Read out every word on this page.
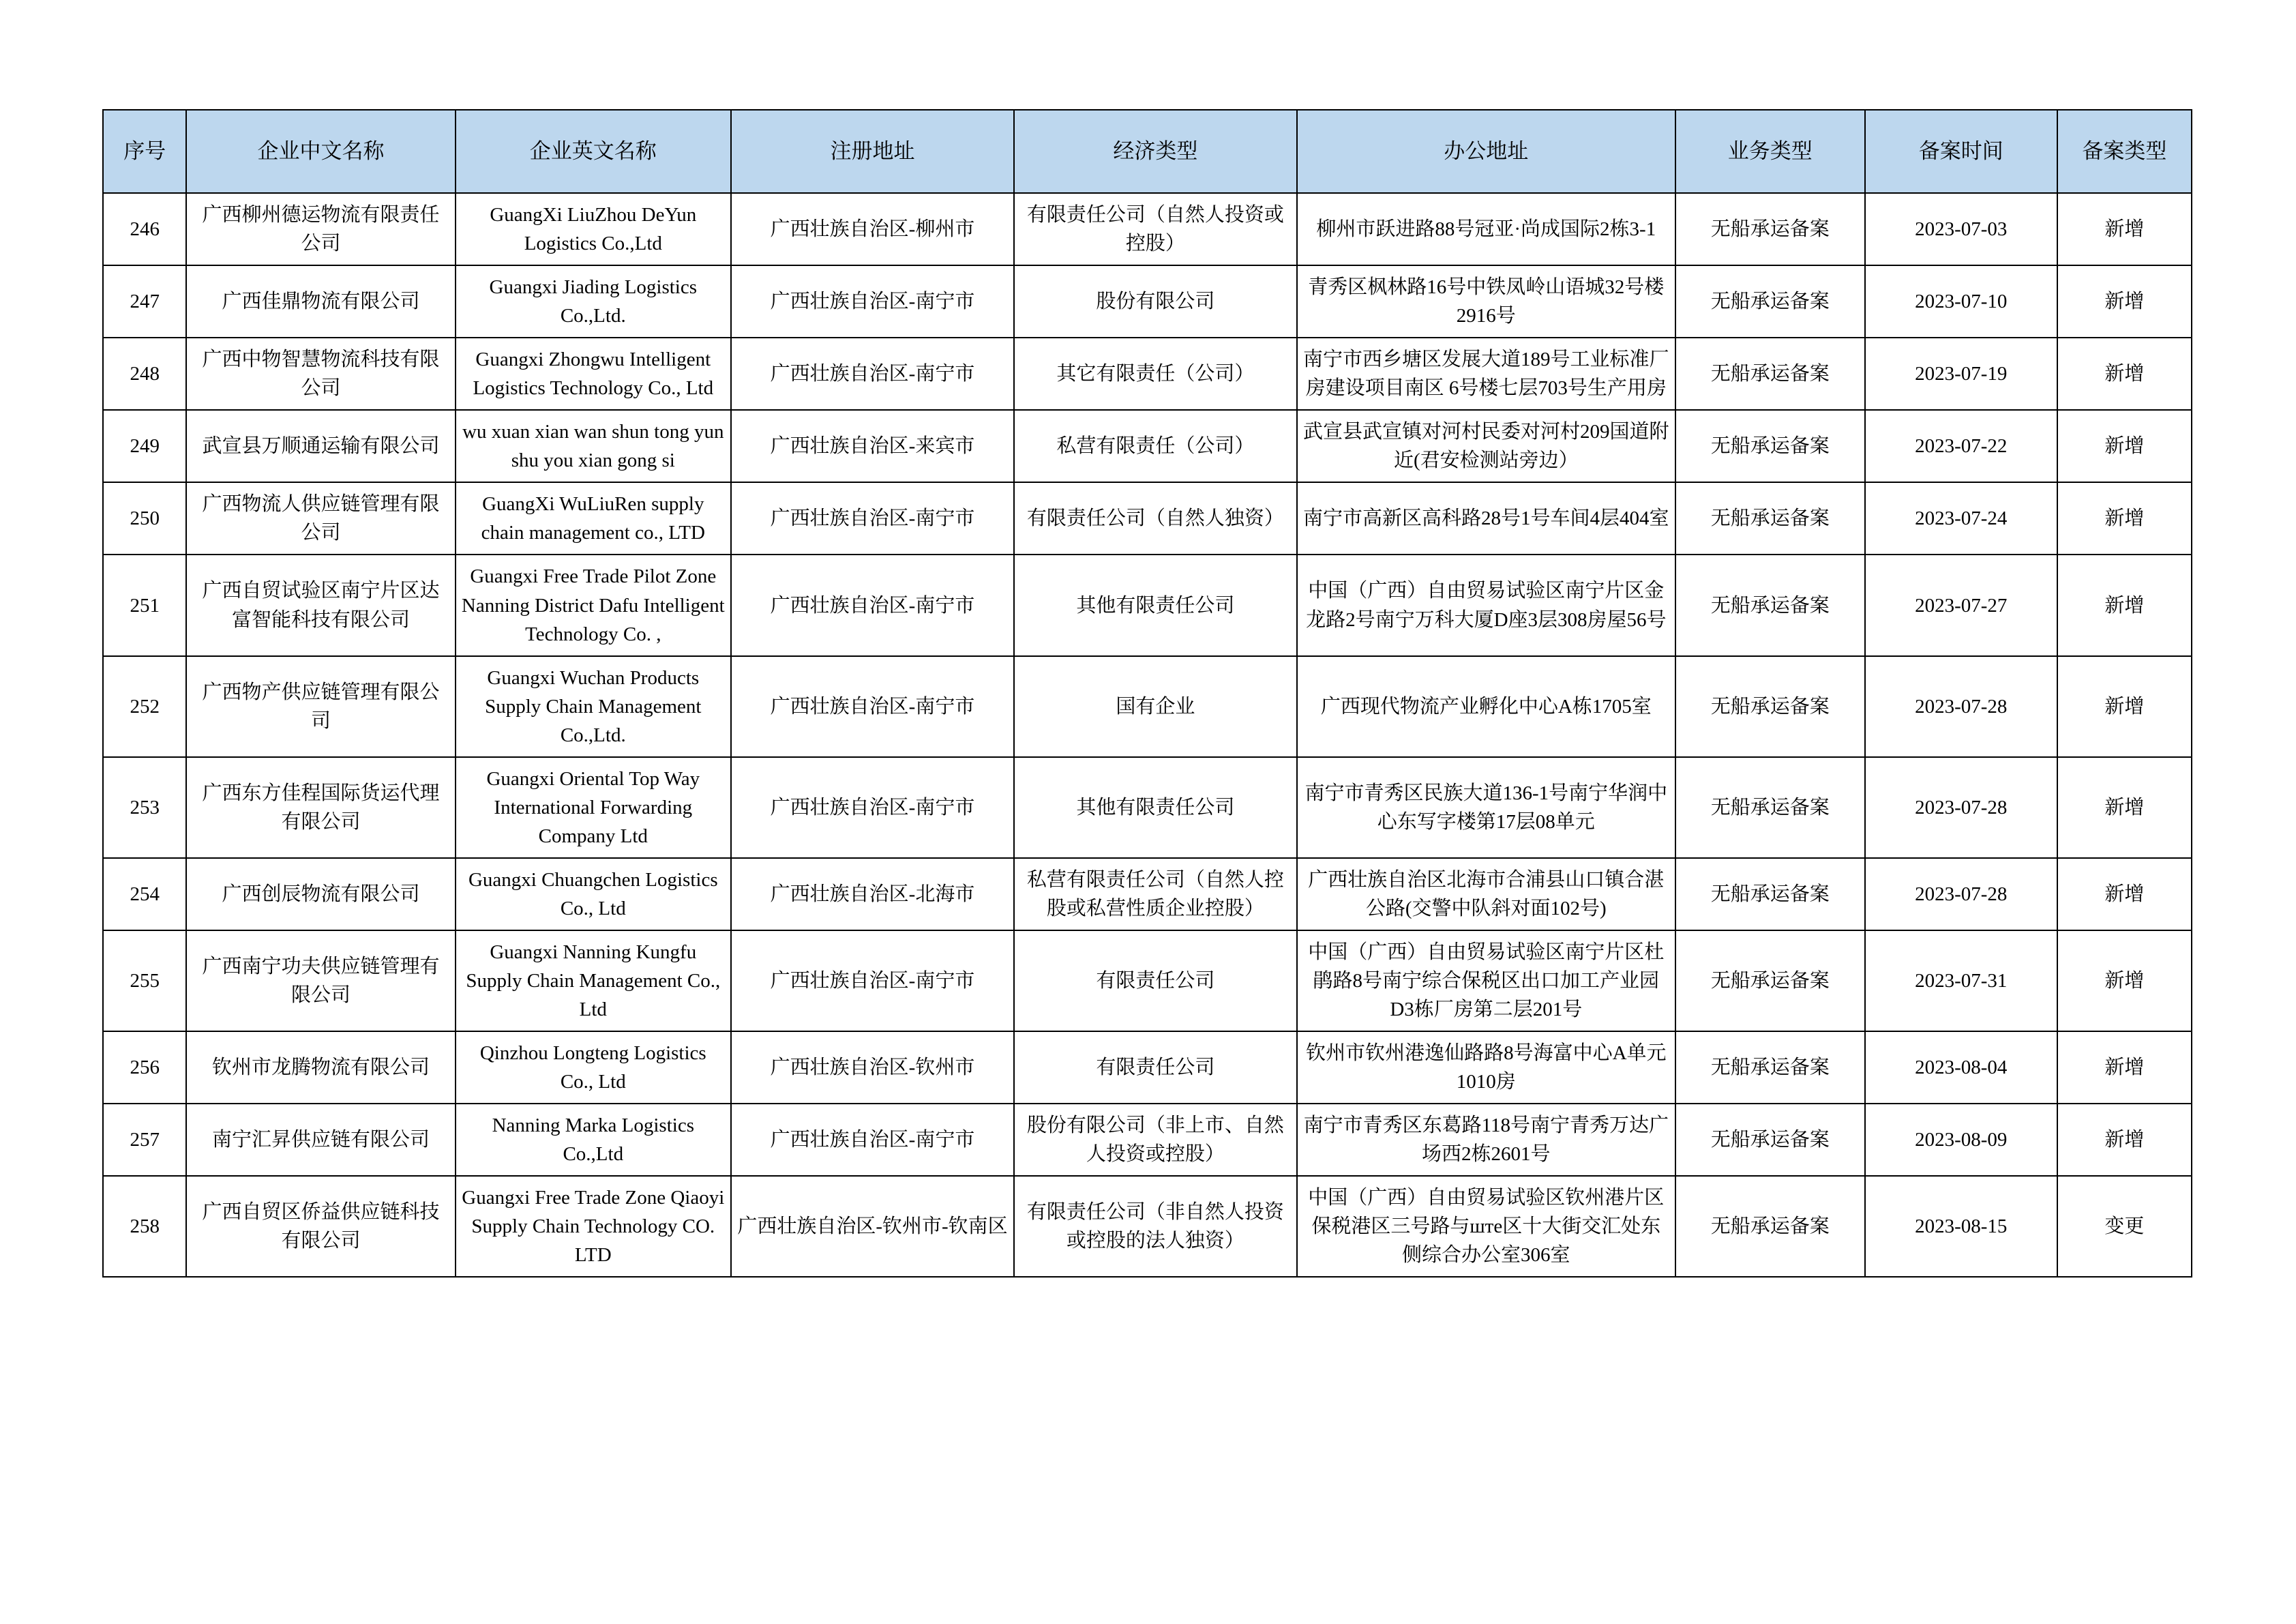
序号	企业中文名称	企业英文名称	注册地址	经济类型	办公地址	业务类型	备案时间	备案类型
246	广西柳州德运物流有限责任公司	GuangXi LiuZhou DeYun Logistics Co.,Ltd	广西壮族自治区-柳州市	有限责任公司（自然人投资或控股）	柳州市跃进路88号冠亚·尚成国际2栋3-1	无船承运备案	2023-07-03	新增
247	广西佳鼎物流有限公司	Guangxi Jiading Logistics Co.,Ltd.	广西壮族自治区-南宁市	股份有限公司	青秀区枫林路16号中铁凤岭山语城32号楼2916号	无船承运备案	2023-07-10	新增
248	广西中物智慧物流科技有限公司	Guangxi Zhongwu Intelligent Logistics Technology Co., Ltd	广西壮族自治区-南宁市	其它有限责任（公司）	南宁市西乡塘区发展大道189号工业标准厂房建设项目南区 6号楼七层703号生产用房	无船承运备案	2023-07-19	新增
249	武宣县万顺通运输有限公司	wu xuan xian wan shun tong yun shu you xian gong si	广西壮族自治区-来宾市	私营有限责任（公司）	武宣县武宣镇对河村民委对河村209国道附近(君安检测站旁边）	无船承运备案	2023-07-22	新增
250	广西物流人供应链管理有限公司	GuangXi WuLiuRen supply chain management co., LTD	广西壮族自治区-南宁市	有限责任公司（自然人独资）	南宁市高新区高科路28号1号车间4层404室	无船承运备案	2023-07-24	新增
251	广西自贸试验区南宁片区达富智能科技有限公司	Guangxi Free Trade Pilot Zone Nanning District Dafu Intelligent Technology Co. ,	广西壮族自治区-南宁市	其他有限责任公司	中国（广西）自由贸易试验区南宁片区金龙路2号南宁万科大厦D座3层308房屋56号	无船承运备案	2023-07-27	新增
252	广西物产供应链管理有限公司	Guangxi Wuchan Products Supply Chain Management Co.,Ltd.	广西壮族自治区-南宁市	国有企业	广西现代物流产业孵化中心A栋1705室	无船承运备案	2023-07-28	新增
253	广西东方佳程国际货运代理有限公司	Guangxi Oriental Top Way International Forwarding Company Ltd	广西壮族自治区-南宁市	其他有限责任公司	南宁市青秀区民族大道136-1号南宁华润中心东写字楼第17层08单元	无船承运备案	2023-07-28	新增
254	广西创辰物流有限公司	Guangxi Chuangchen Logistics Co., Ltd	广西壮族自治区-北海市	私营有限责任公司（自然人控股或私营性质企业控股）	广西壮族自治区北海市合浦县山口镇合湛公路(交警中队斜对面102号)	无船承运备案	2023-07-28	新增
255	广西南宁功夫供应链管理有限公司	Guangxi Nanning Kungfu Supply Chain Management Co., Ltd	广西壮族自治区-南宁市	有限责任公司	中国（广西）自由贸易试验区南宁片区杜鹃路8号南宁综合保税区出口加工产业园D3栋厂房第二层201号	无船承运备案	2023-07-31	新增
256	钦州市龙腾物流有限公司	Qinzhou Longteng Logistics Co., Ltd	广西壮族自治区-钦州市	有限责任公司	钦州市钦州港逸仙路路8号海富中心A单元1010房	无船承运备案	2023-08-04	新增
257	南宁汇昇供应链有限公司	Nanning Marka Logistics Co.,Ltd	广西壮族自治区-南宁市	股份有限公司（非上市、自然人投资或控股）	南宁市青秀区东葛路118号南宁青秀万达广场西2栋2601号	无船承运备案	2023-08-09	新增
258	广西自贸区侨益供应链科技有限公司	Guangxi Free Trade Zone Qiaoyi Supply Chain Technology CO. LTD	广西壮族自治区-钦州市-钦南区	有限责任公司（非自然人投资或控股的法人独资）	中国（广西）自由贸易试验区钦州港片区保税港区三号路与ште区十大街交汇处东侧综合办公室306室	无船承运备案	2023-08-15	变更
